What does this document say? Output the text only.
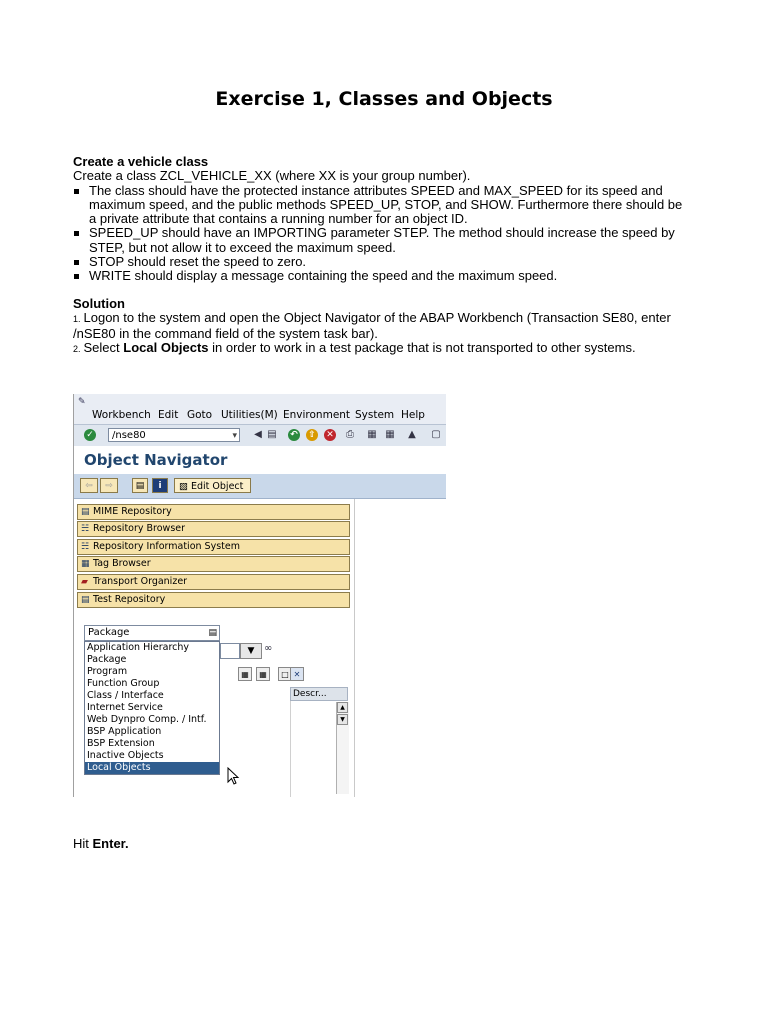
Exercise 1, Classes and Objects

Create a vehicle class

Create a class ZCL_VEHICLE_XX (where XX is your group number).

The class should have the protected instance attributes SPEED and MAX_SPEED for its speed and maximum speed, and the public methods SPEED_UP, STOP, and SHOW. Furthermore there should be a private attribute that contains a running number for an object ID.

SPEED_UP should have an IMPORTING parameter STEP. The method should increase the speed by STEP, but not allow it to exceed the maximum speed.

STOP should reset the speed to zero.

WRITE should display a message containing the speed and the maximum speed.

Solution

1. Logon to the system and open the Object Navigator of the ABAP Workbench (Transaction SE80, enter /nSE80 in the command field of the system task bar).

2. Select Local Objects in order to work in a test package that is not transported to other systems.

✎
Workbench Edit Goto Utilities(M) Environment System Help
✓	/nse80	▾ ◀ ▤ ↶ ⇧ ✕ ⎙ ▦ ▦ ▲ ▢
Object Navigator
⇦	⇨	▤	i	▧ Edit Object
▤ MIME Repository
☵ Repository Browser
☵ Repository Information System
▦ Tag Browser
▰ Transport Organizer
▤ Test Repository
Package	▤
▼ ∞
▦	▦	□ ✕
Descr...
▲
▼
Application Hierarchy
Package
Program
Function Group
Class / Interface
Internet Service
Web Dynpro Comp. / Intf.
BSP Application
BSP Extension
Inactive Objects
Local Objects

Hit Enter.
